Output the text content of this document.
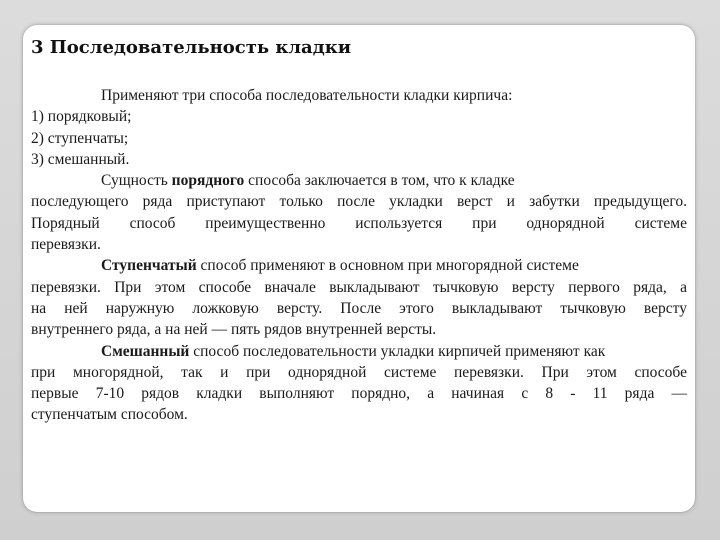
3 Последовательность кладки
Применяют три способа последовательности кладки кирпича:
1) порядковый;
2) ступенчаты;
3) смешанный.
Сущность порядного способа заключается в том, что к кладке
последующего ряда приступают только после укладки верст и забутки предыдущего.
Порядный способ преимущественно используется при однорядной системе
перевязки.
Ступенчатый способ применяют в основном при многорядной системе
перевязки. При этом способе вначале выкладывают тычковую версту первого ряда, а
на ней наружную ложковую версту. После этого выкладывают тычковую версту
внутреннего ряда, а на ней — пять рядов внутренней версты.
Смешанный способ последовательности укладки кирпичей применяют как
при многорядной, так и при однорядной системе перевязки. При этом способе
первые 7-10 рядов кладки выполняют порядно, а начиная с 8 - 11 ряда —
ступенчатым способом.
